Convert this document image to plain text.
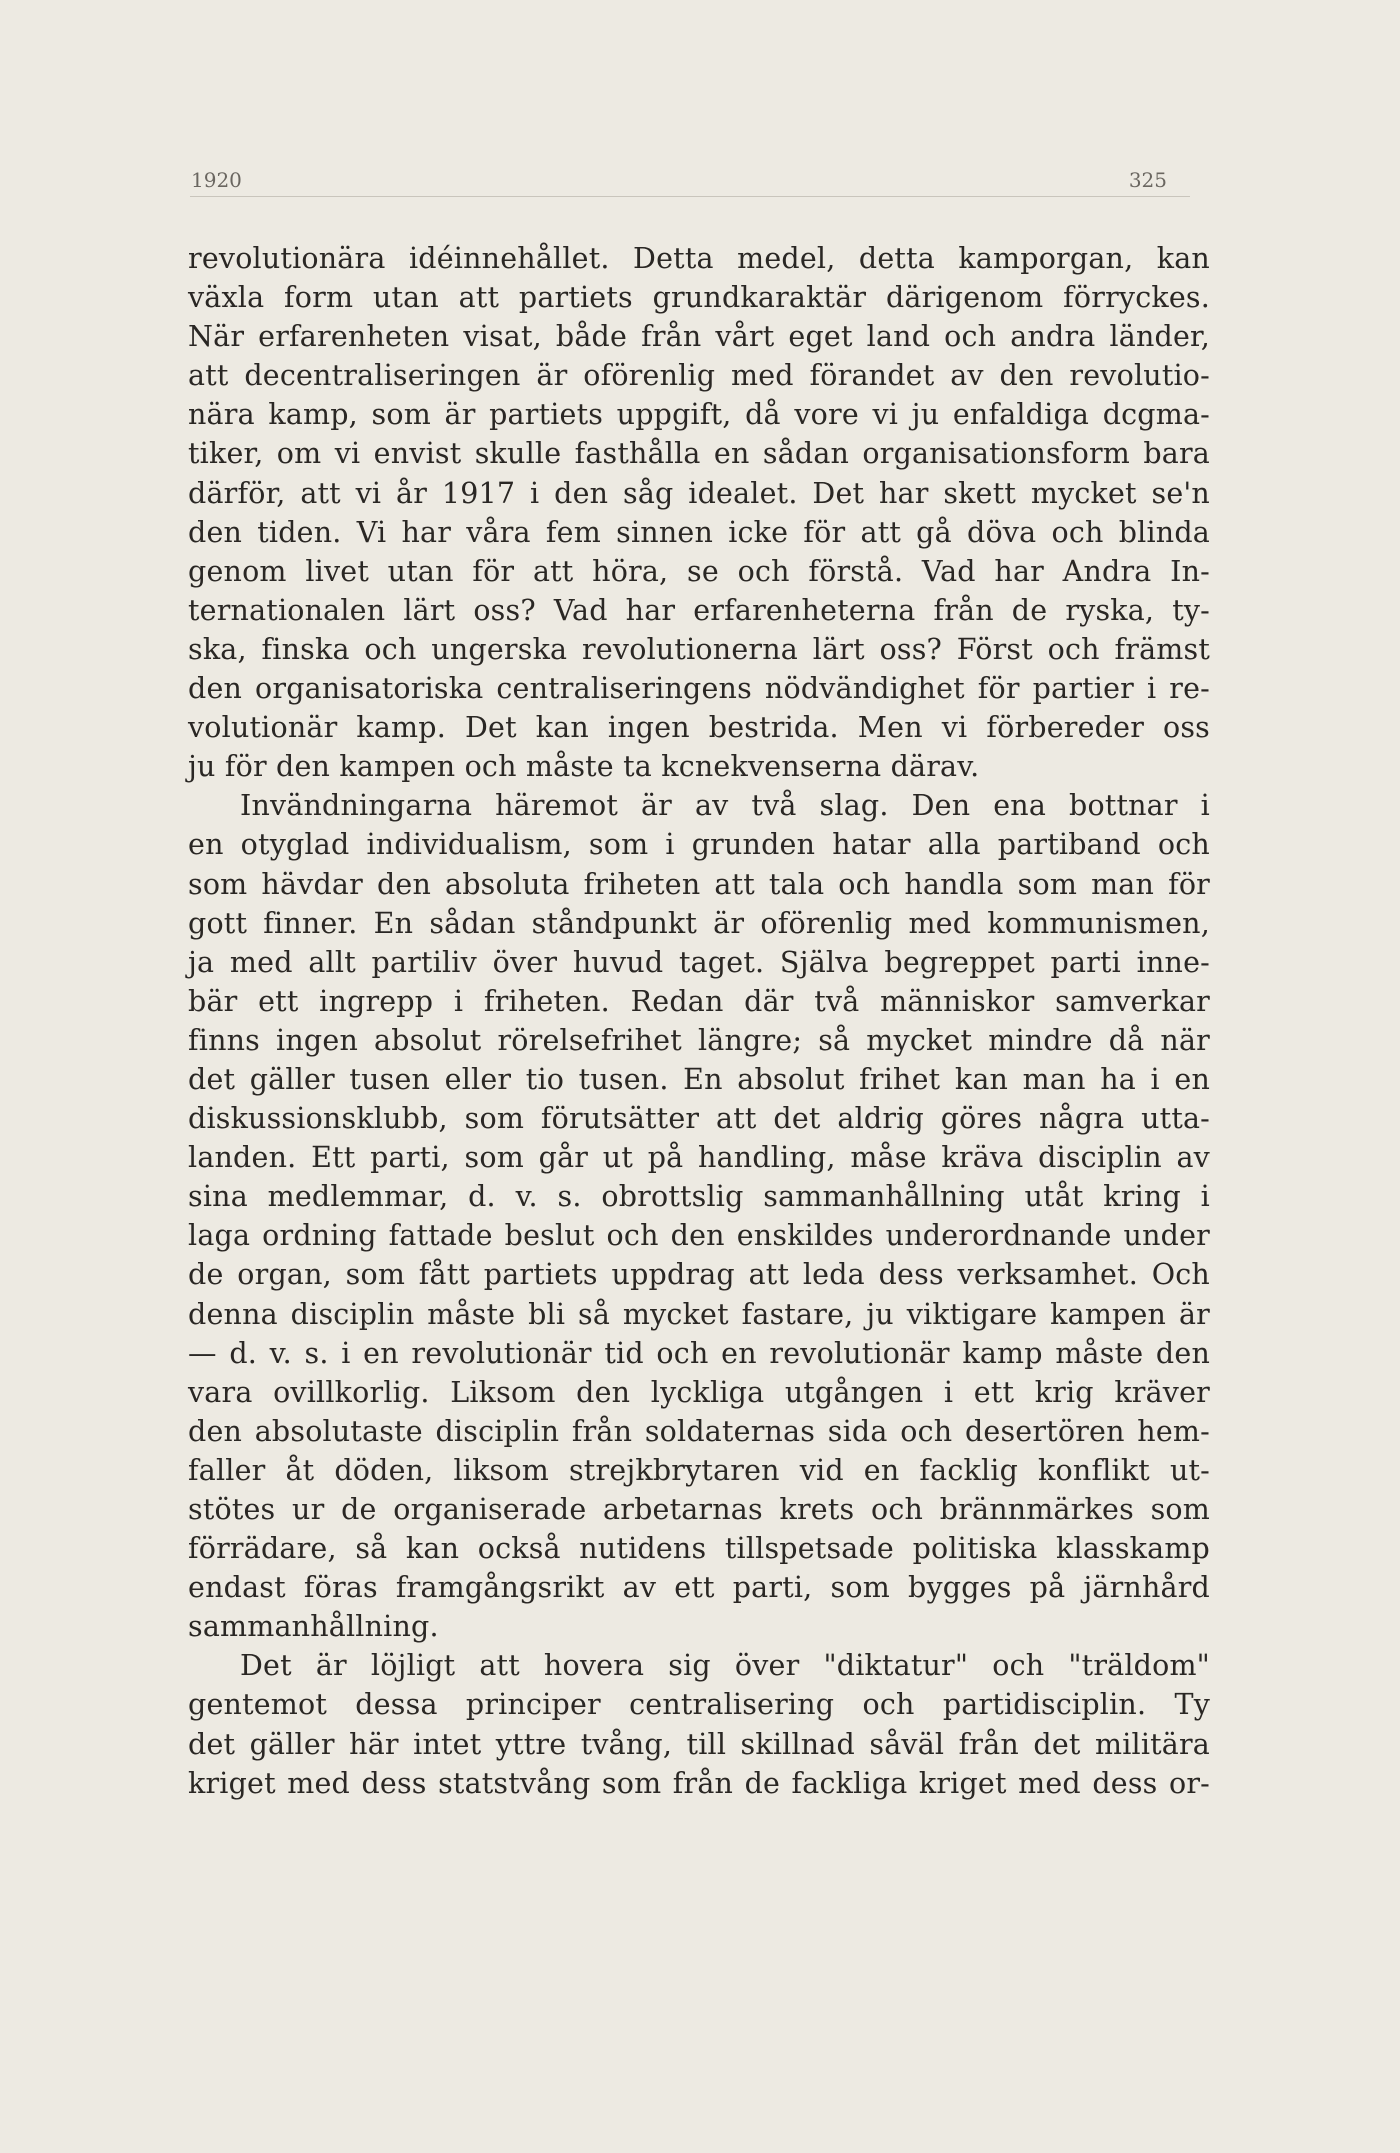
1920	325
revolutionära idéinnehållet. Detta medel, detta kamporgan, kan
växla form utan att partiets grundkaraktär därigenom förryckes.
När erfarenheten visat, både från vårt eget land och andra länder,
att decentraliseringen är oförenlig med förandet av den revolutio-
nära kamp, som är partiets uppgift, då vore vi ju enfaldiga dcgma-
tiker, om vi envist skulle fasthålla en sådan organisationsform bara
därför, att vi år 1917 i den såg idealet. Det har skett mycket se'n
den tiden. Vi har våra fem sinnen icke för att gå döva och blinda
genom livet utan för att höra, se och förstå. Vad har Andra In-
ternationalen lärt oss? Vad har erfarenheterna från de ryska, ty-
ska, finska och ungerska revolutionerna lärt oss? Först och främst
den organisatoriska centraliseringens nödvändighet för partier i re-
volutionär kamp. Det kan ingen bestrida. Men vi förbereder oss
ju för den kampen och måste ta kcnekvenserna därav.
Invändningarna häremot är av två slag. Den ena bottnar i
en otyglad individualism, som i grunden hatar alla partiband och
som hävdar den absoluta friheten att tala och handla som man för
gott finner. En sådan ståndpunkt är oförenlig med kommunismen,
ja med allt partiliv över huvud taget. Själva begreppet parti inne-
bär ett ingrepp i friheten. Redan där två människor samverkar
finns ingen absolut rörelsefrihet längre; så mycket mindre då när
det gäller tusen eller tio tusen. En absolut frihet kan man ha i en
diskussionsklubb, som förutsätter att det aldrig göres några utta-
landen. Ett parti, som går ut på handling, måse kräva disciplin av
sina medlemmar, d. v. s. obrottslig sammanhållning utåt kring i
laga ordning fattade beslut och den enskildes underordnande under
de organ, som fått partiets uppdrag att leda dess verksamhet. Och
denna disciplin måste bli så mycket fastare, ju viktigare kampen är
— d. v. s. i en revolutionär tid och en revolutionär kamp måste den
vara ovillkorlig. Liksom den lyckliga utgången i ett krig kräver
den absolutaste disciplin från soldaternas sida och desertören hem-
faller åt döden, liksom strejkbrytaren vid en facklig konflikt ut-
stötes ur de organiserade arbetarnas krets och brännmärkes som
förrädare, så kan också nutidens tillspetsade politiska klasskamp
endast föras framgångsrikt av ett parti, som bygges på järnhård
sammanhållning.
Det är löjligt att hovera sig över "diktatur" och "träldom"
gentemot dessa principer centralisering och partidisciplin. Ty
det gäller här intet yttre tvång, till skillnad såväl från det militära
kriget med dess statstvång som från de fackliga kriget med dess or-
